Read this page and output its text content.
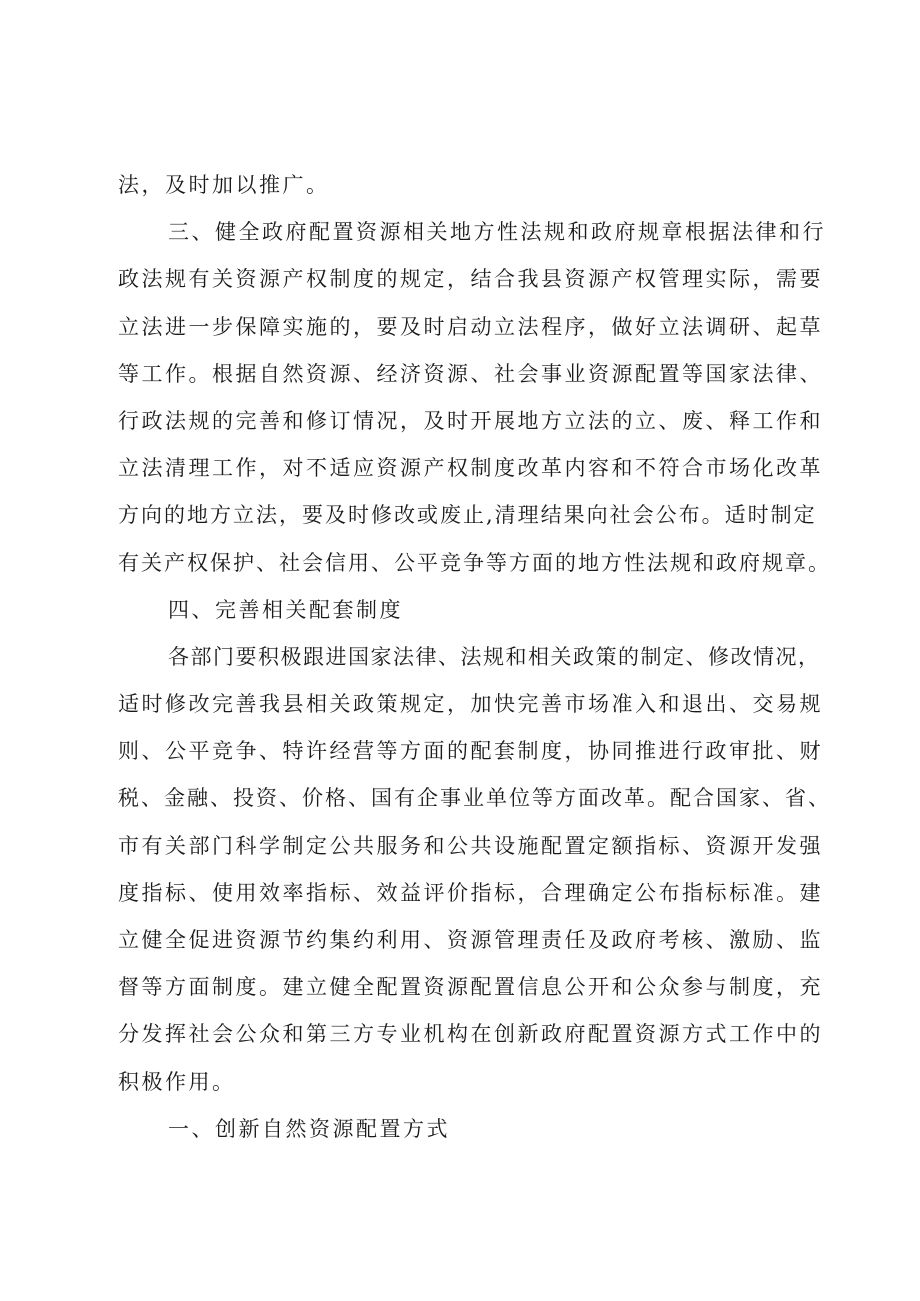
法，及时加以推广。
三、健全政府配置资源相关地方性法规和政府规章根据法律和行
政法规有关资源产权制度的规定，结合我县资源产权管理实际，需要
立法进一步保障实施的，要及时启动立法程序，做好立法调研、起草
等工作。根据自然资源、经济资源、社会事业资源配置等国家法律、
行政法规的完善和修订情况，及时开展地方立法的立、废、释工作和
立法清理工作，对不适应资源产权制度改革内容和不符合市场化改革
方向的地方立法，要及时修改或废止,清理结果向社会公布。适时制定
有关产权保护、社会信用、公平竞争等方面的地方性法规和政府规章。
四、完善相关配套制度
各部门要积极跟进国家法律、法规和相关政策的制定、修改情况，
适时修改完善我县相关政策规定，加快完善市场准入和退出、交易规
则、公平竞争、特许经营等方面的配套制度，协同推进行政审批、财
税、金融、投资、价格、国有企事业单位等方面改革。配合国家、省、
市有关部门科学制定公共服务和公共设施配置定额指标、资源开发强
度指标、使用效率指标、效益评价指标，合理确定公布指标标准。建
立健全促进资源节约集约利用、资源管理责任及政府考核、激励、监
督等方面制度。建立健全配置资源配置信息公开和公众参与制度，充
分发挥社会公众和第三方专业机构在创新政府配置资源方式工作中的
积极作用。
一、创新自然资源配置方式
